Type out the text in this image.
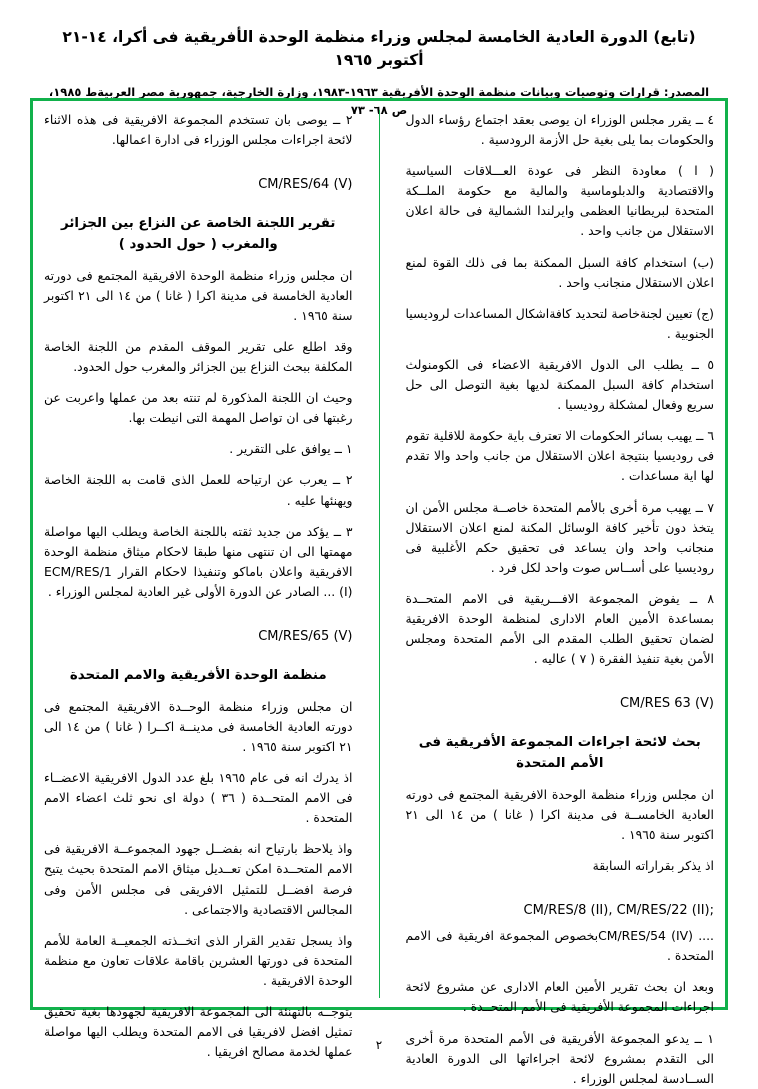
(تابع) الدورة العادية الخامسة لمجلس وزراء منظمة الوحدة الأفريقية فى أكرا، ١٤-٢١ أكتوبر ١٩٦٥
المصدر: قرارات وتوصيات وبيانات منظمة الوحدة الأفريقية ١٩٦٣-١٩٨٣، وزارة الخارجية، جمهورية مصر العربيةط ١٩٨٥، ص ٦٨- ٧٣

٤ ــ يقرر مجلس الوزراء ان يوصى بعقد اجتماع رؤساء الدول والحكومات بما يلى بغية حل الأزمة الرودسية .

( ا ) معاودة النظر فى عودة العـــلاقات السياسية والاقتصادية والدبلوماسية والمالية مع حكومة الملــكة المتحدة لبريطانيا العظمى وايرلندا الشمالية فى حالة اعلان الاستقلال من جانب واحد .

(ب) استخدام كافة السبل الممكنة بما فى ذلك القوة لمنع اعلان الاستقلال منجانب واحد .

(ج) تعيين لجنةخاصة لتحديد كافةاشكال المساعدات لروديسيا الجنوبية .

٥ ــ يطلب الى الدول الافريقية الاعضاء فى الكومنولث استخدام كافة السبل الممكنة لديها بغية التوصل الى حل سريع وفعال لمشكلة روديسيا .

٦ ــ يهيب بسائر الحكومات الا تعترف باية حكومة للاقلية تقوم فى روديسيا بنتيجة اعلان الاستقلال من جانب واحد والا تقدم لها اية مساعدات .

٧ ــ يهيب مرة أخرى بالأمم المتحدة خاصــة مجلس الأمن ان يتخذ دون تأخير كافة الوسائل المكنة لمنع اعلان الاستقلال منجانب واحد وان يساعد فى تحقيق حكم الأغلبية فى روديسيا على أســاس صوت واحد لكل فرد .

٨ ــ يفوض المجموعة الافـــريقية فى الامم المتحــدة بمساعدة الأمين العام الادارى لمنظمة الوحدة الافريقية لضمان تحقيق الطلب المقدم الى الأمم المتحدة ومجلس الأمن بغية تنفيذ الفقرة ( ٧ ) عاليه .

CM/RES 63 (V)
بحث لائحة اجراءات المجموعة الأفريقية فى الأمم المتحدة

ان مجلس وزراء منظمة الوحدة الافريقية المجتمع فى دورته العادية الخامســة فى مدينة اكرا ( غانا ) من ١٤ الى ٢١ اكتوبر سنة ١٩٦٥ .

اذ يذكر بقراراته السابقة

CM/RES/8 (II), CM/RES/22 (II);

.... CM/RES/54 (IV)بخصوص المجموعة افريقية فى الامم المتحدة .

وبعد ان بحث تقرير الأمين العام الادارى عن مشروع لائحة اجراءات المجموعة الأفريقية فى الأمم المتحــدة .

١ ــ يدعو المجموعة الأفريقية فى الأمم المتحدة مرة أخرى الى التقدم بمشروع لائحة اجراءاتها الى الدورة العادية الســادسة لمجلس الوزراء .

٢ ــ يوصى بان تستخدم المجموعة الافريقية فى هذه الاثناء لائحة اجراءات مجلس الوزراء فى ادارة اعمالها.

CM/RES/64 (V)
تقرير اللجنة الخاصة عن النزاع بين الجزائر والمغرب ( حول الحدود )

ان مجلس وزراء منظمة الوحدة الافريقية المجتمع فى دورته العادية الخامسة فى مدينة اكرا ( غانا ) من ١٤ الى ٢١ اكتوبر سنة ١٩٦٥ .

وقد اطلع على تقرير الموقف المقدم من اللجنة الخاصة المكلفة ببحث النزاع بين الجزائر والمغرب حول الحدود.

وحيث ان اللجنة المذكورة لم تنته بعد من عملها واعربت عن رغبتها فى ان تواصل المهمة التى انيطت بها.

١ ــ يوافق على التقرير .

٢ ــ يعرب عن ارتياحه للعمل الذى قامت به اللجنة الخاصة ويهنئها عليه .

٣ ــ يؤكد من جديد ثقته باللجنة الخاصة ويطلب اليها مواصلة مهمتها الى ان تنتهى منها طبقا لاحكام ميثاق منظمة الوحدة الافريقية واعلان باماكو وتنفيذا لاحكام القرار ECM/RES/1 (I) ... الصادر عن الدورة الأولى غير العادية لمجلس الوزراء .

CM/RES/65 (V)
منظمة الوحدة الأفريقية والامم المتحدة

ان مجلس وزراء منظمة الوحــدة الافريقية المجتمع فى دورته العادية الخامسة فى مدينــة اكــرا ( غانا ) من ١٤ الى ٢١ اكتوبر سنة ١٩٦٥ .

اذ يدرك انه فى عام ١٩٦٥ بلغ عدد الدول الافريقية الاعضــاء فى الامم المتحــدة ( ٣٦ ) دولة اى نحو ثلث اعضاء الامم المتحدة .

واذ يلاحظ بارتياح انه بفضــل جهود المجموعــة الافريقية فى الامم المتحــدة امكن تعــديل ميثاق الامم المتحدة بحيث يتيح فرصة افضــل للتمثيل الافريقى فى مجلس الأمن وفى المجالس الاقتصادية والاجتماعى .

واذ يسجل تقدير القرار الذى اتخــذته الجمعيــة العامة للأمم المتحدة فى دورتها العشرين باقامة علاقات تعاون مع منظمة الوحدة الافريقية .

يتوجــه بالتهنئة الى المجموعة الافريقية لجهودها بغية تحقيق تمثيل افضل لافريقيا فى الامم المتحدة ويطلب اليها مواصلة عملها لخدمة مصالح افريقيا .	٢
